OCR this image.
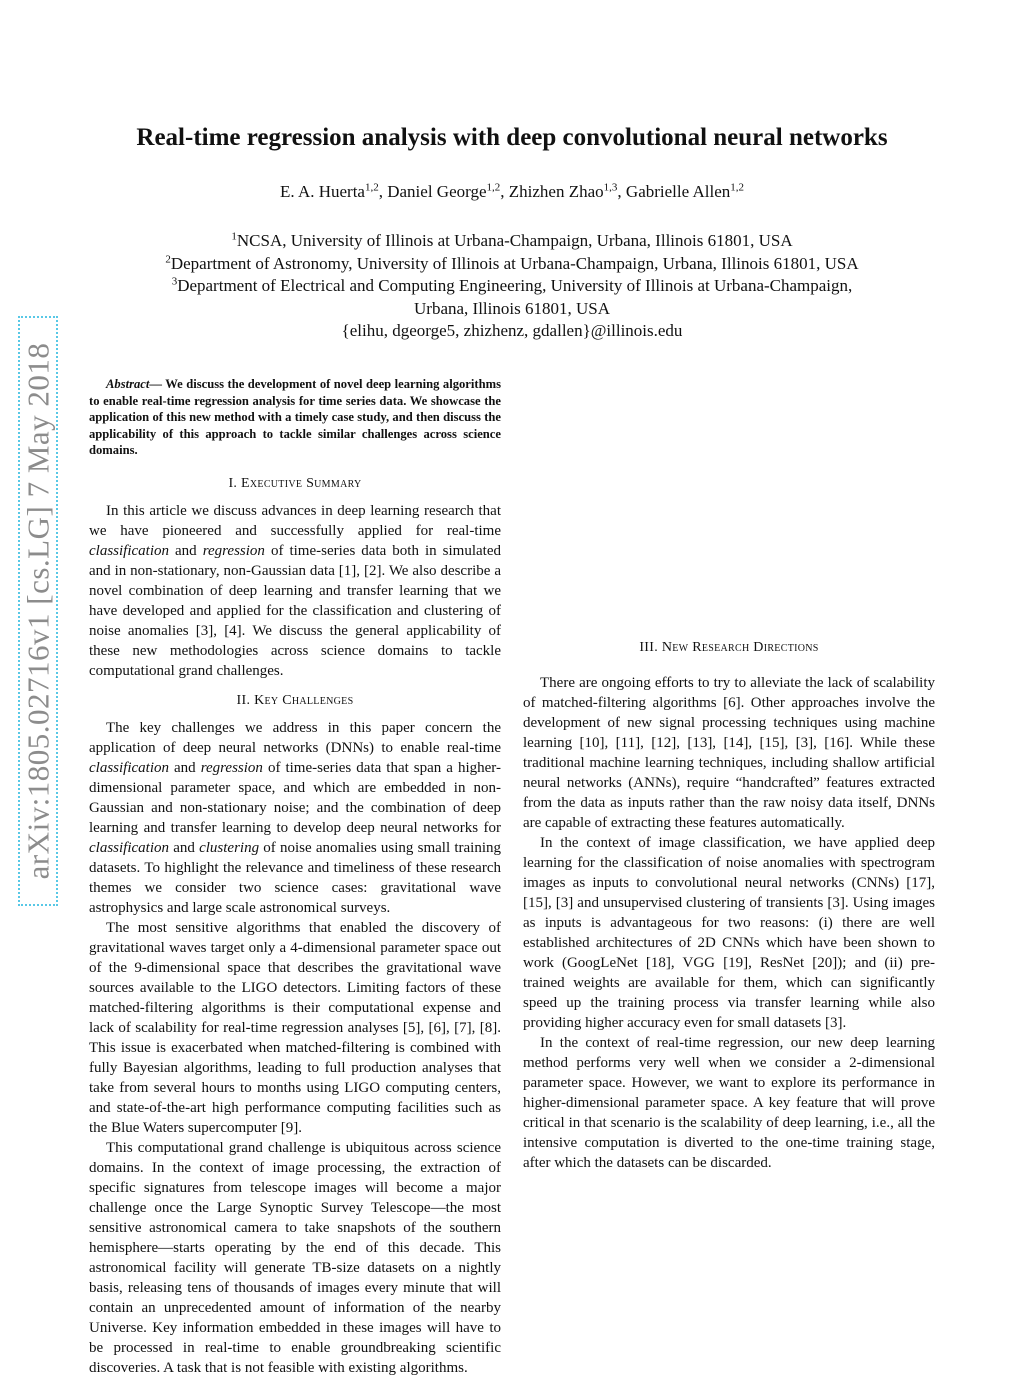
arXiv:1805.02716v1 [cs.LG] 7 May 2018
Real-time regression analysis with deep convolutional neural networks
E. A. Huerta$^{1,2}$, Daniel George$^{1,2}$, Zhizhen Zhao$^{1,3}$, Gabrielle Allen$^{1,2}$
$^1$NCSA, University of Illinois at Urbana-Champaign, Urbana, Illinois 61801, USA
$^2$Department of Astronomy, University of Illinois at Urbana-Champaign, Urbana, Illinois 61801, USA
$^3$Department of Electrical and Computing Engineering, University of Illinois at Urbana-Champaign,
Urbana, Illinois 61801, USA
{elihu, dgeorge5, zhizhenz, gdallen}@illinois.edu

Abstract— We discuss the development of novel deep learning algorithms to enable real-time regression analysis for time series data. We showcase the application of this new method with a timely case study, and then discuss the applicability of this approach to tackle similar challenges across science domains.

I. Executive Summary

In this article we discuss advances in deep learning research that we have pioneered and successfully applied for real-time classification and regression of time-series data both in simulated and in non-stationary, non-Gaussian data [1], [2]. We also describe a novel combination of deep learning and transfer learning that we have developed and applied for the classification and clustering of noise anomalies [3], [4]. We discuss the general applicability of these new methodologies across science domains to tackle computational grand challenges.

II. Key Challenges

The key challenges we address in this paper concern the application of deep neural networks (DNNs) to enable real-time classification and regression of time-series data that span a higher-dimensional parameter space, and which are embedded in non-Gaussian and non-stationary noise; and the combination of deep learning and transfer learning to develop deep neural networks for classification and clustering of noise anomalies using small training datasets. To highlight the relevance and timeliness of these research themes we consider two science cases: gravitational wave astrophysics and large scale astronomical surveys.

The most sensitive algorithms that enabled the discovery of gravitational waves target only a 4-dimensional parameter space out of the 9-dimensional space that describes the gravitational wave sources available to the LIGO detectors. Limiting factors of these matched-filtering algorithms is their computational expense and lack of scalability for real-time regression analyses [5], [6], [7], [8]. This issue is exacerbated when matched-filtering is combined with fully Bayesian algorithms, leading to full production analyses that take from several hours to months using LIGO computing centers, and state-of-the-art high performance computing facilities such as the Blue Waters supercomputer [9].

This computational grand challenge is ubiquitous across science domains. In the context of image processing, the extraction of specific signatures from telescope images will become a major challenge once the Large Synoptic Survey Telescope—the most sensitive astronomical camera to take snapshots of the southern hemisphere—starts operating by the end of this decade. This astronomical facility will generate TB-size datasets on a nightly basis, releasing tens of thousands of images every minute that will contain an unprecedented amount of information of the nearby Universe. Key information embedded in these images will have to be processed in real-time to enable groundbreaking scientific discoveries. A task that is not feasible with existing algorithms.

III. New Research Directions

There are ongoing efforts to try to alleviate the lack of scalability of matched-filtering algorithms [6]. Other approaches involve the development of new signal processing techniques using machine learning [10], [11], [12], [13], [14], [15], [3], [16]. While these traditional machine learning techniques, including shallow artificial neural networks (ANNs), require “handcrafted” features extracted from the data as inputs rather than the raw noisy data itself, DNNs are capable of extracting these features automatically.

In the context of image classification, we have applied deep learning for the classification of noise anomalies with spectrogram images as inputs to convolutional neural networks (CNNs) [17], [15], [3] and unsupervised clustering of transients [3]. Using images as inputs is advantageous for two reasons: (i) there are well established architectures of 2D CNNs which have been shown to work (GoogLeNet [18], VGG [19], ResNet [20]); and (ii) pre-trained weights are available for them, which can significantly speed up the training process via transfer learning while also providing higher accuracy even for small datasets [3].

In the context of real-time regression, our new deep learning method performs very well when we consider a 2-dimensional parameter space. However, we want to explore its performance in higher-dimensional parameter space. A key feature that will prove critical in that scenario is the scalability of deep learning, i.e., all the intensive computation is diverted to the one-time training stage, after which the datasets can be discarded.
